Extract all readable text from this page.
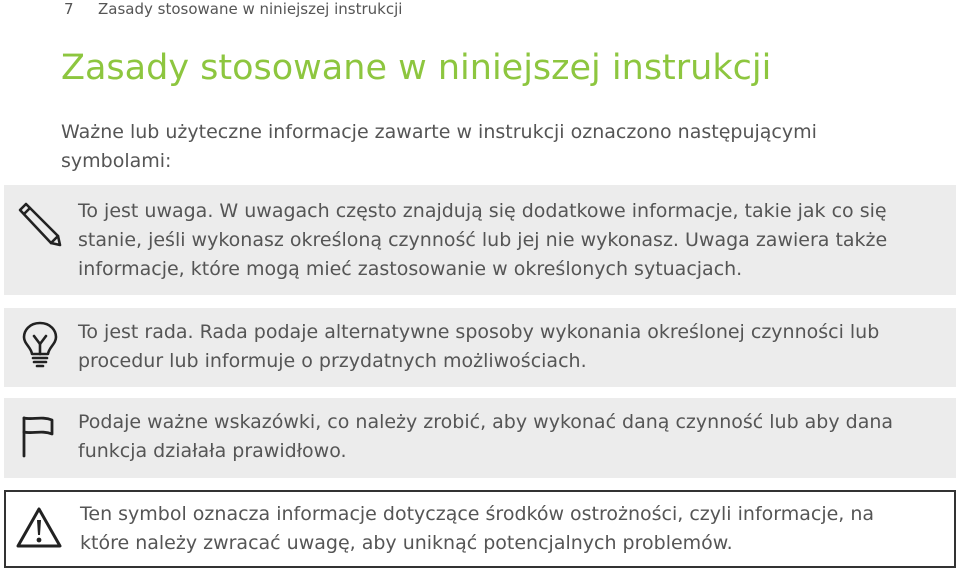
7 Zasady stosowane w niniejszej instrukcji
Zasady stosowane w niniejszej instrukcji
Ważne lub użyteczne informacje zawarte w instrukcji oznaczono następującymi symbolami:
To jest uwaga. W uwagach często znajdują się dodatkowe informacje, takie jak co się stanie, jeśli wykonasz określoną czynność lub jej nie wykonasz. Uwaga zawiera także informacje, które mogą mieć zastosowanie w określonych sytuacjach.
To jest rada. Rada podaje alternatywne sposoby wykonania określonej czynności lub procedur lub informuje o przydatnych możliwościach.
Podaje ważne wskazówki, co należy zrobić, aby wykonać daną czynność lub aby dana funkcja działała prawidłowo.
Ten symbol oznacza informacje dotyczące środków ostrożności, czyli informacje, na które należy zwracać uwagę, aby uniknąć potencjalnych problemów.
